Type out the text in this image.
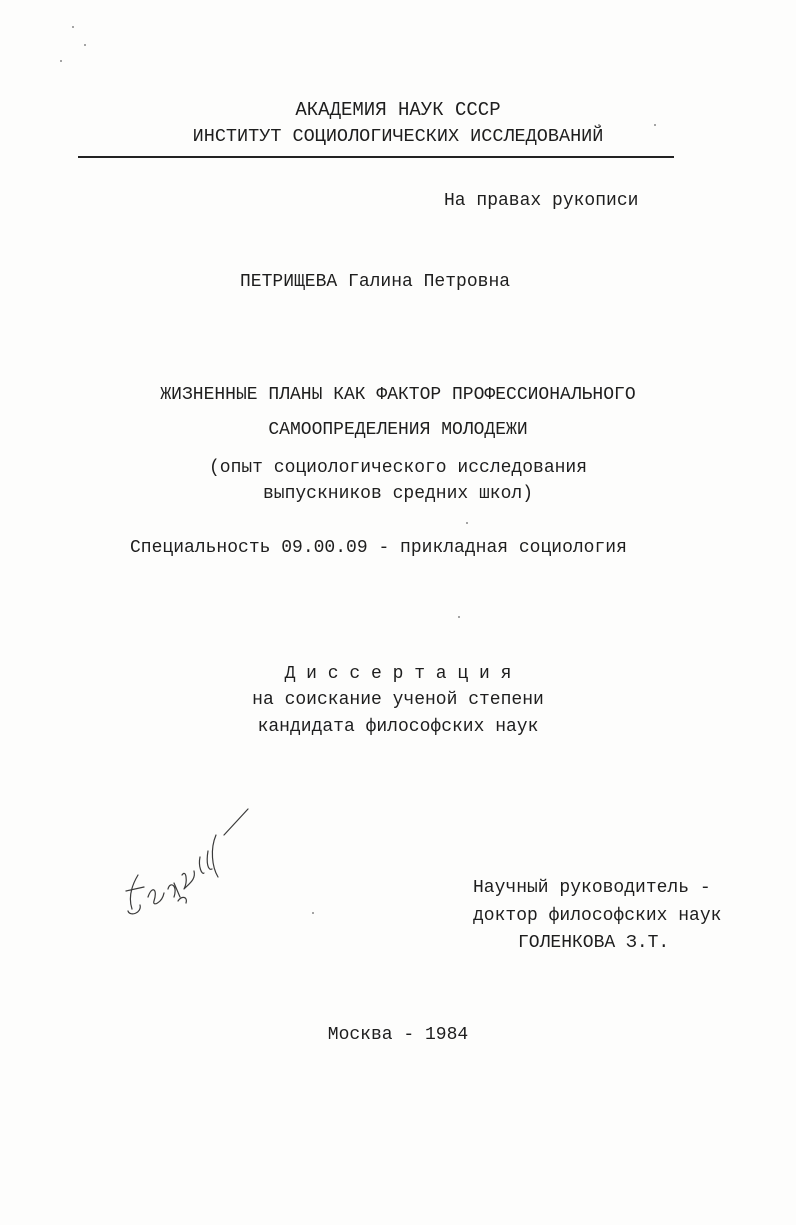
АКАДЕМИЯ НАУК СССР
ИНСТИТУТ СОЦИОЛОГИЧЕСКИХ ИССЛЕДОВАНИЙ
На правах рукописи
ПЕТРИЩЕВА Галина Петровна
ЖИЗНЕННЫЕ ПЛАНЫ КАК ФАКТОР ПРОФЕССИОНАЛЬНОГО
САМООПРЕДЕЛЕНИЯ МОЛОДЕЖИ
(опыт социологического исследования
выпускников средних школ)
Специальность 09.00.09 - прикладная социология
Д и с с е р т а ц и я
на соискание ученой степени
кандидата философских наук
Научный руководитель -
доктор философских наук
ГОЛЕНКОВА З.Т.
Москва - 1984
